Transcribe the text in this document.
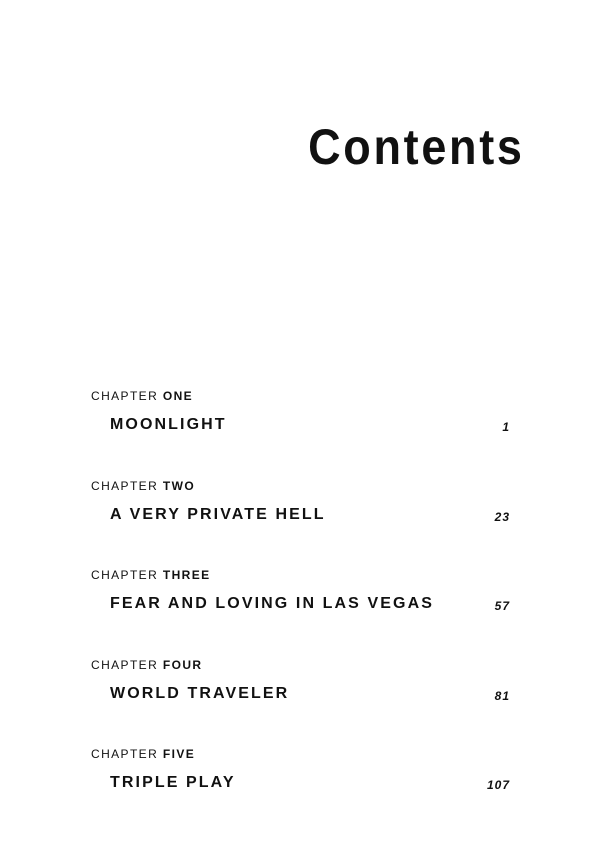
Contents
CHAPTER ONE
MOONLIGHT	1
CHAPTER TWO
A VERY PRIVATE HELL	23
CHAPTER THREE
FEAR AND LOVING IN LAS VEGAS	57
CHAPTER FOUR
WORLD TRAVELER	81
CHAPTER FIVE
TRIPLE PLAY	107
